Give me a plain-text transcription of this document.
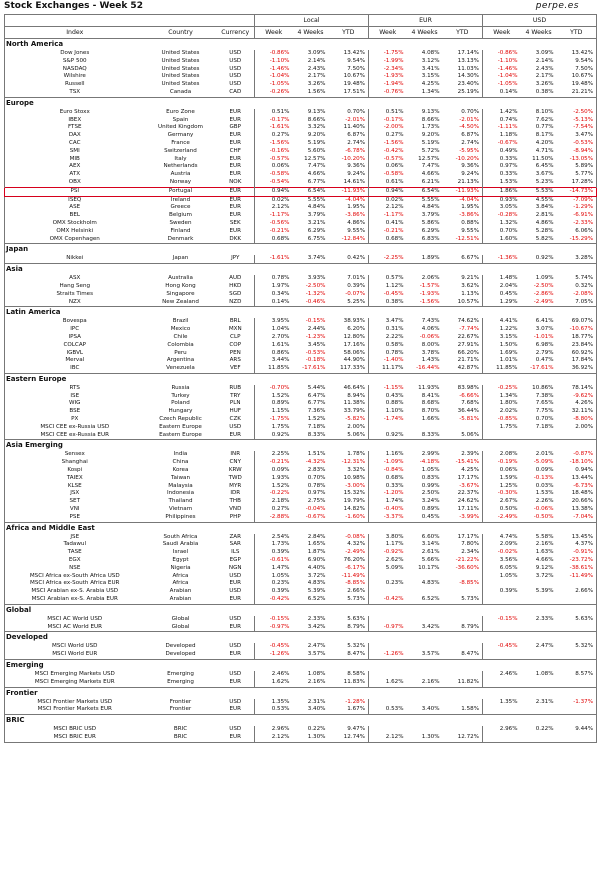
Stock Exchanges - Week 52	perpe.es
			Local			EUR			USD		
Index	Country	Currency	Week	4 Weeks	YTD	Week	4 Weeks	YTD	Week	4 Weeks	YTD
North America											
Dow Jones	United States	USD	-0.86%	3.09%	13.42%	-1.75%	4.08%	17.14%	-0.86%	3.09%	13.42%
S&P 500	United States	USD	-1.10%	2.14%	9.54%	-1.99%	3.12%	13.13%	-1.10%	2.14%	9.54%
NASDAQ	United States	USD	-1.46%	2.43%	7.50%	-2.34%	3.41%	11.03%	-1.46%	2.43%	7.50%
Wilshire	United States	USD	-1.04%	2.17%	10.67%	-1.93%	3.15%	14.30%	-1.04%	2.17%	10.67%
Russell	United States	USD	-1.05%	3.26%	19.48%	-1.94%	4.25%	23.40%	-1.05%	3.26%	19.48%
TSX	Canada	CAD	-0.26%	1.56%	17.51%	-0.76%	1.34%	25.19%	0.14%	0.38%	21.21%
Europe											
Euro Stoxx	Euro Zone	EUR	0.51%	9.13%	0.70%	0.51%	9.13%	0.70%	1.42%	8.10%	-2.50%
IBEX	Spain	EUR	-0.17%	8.66%	-2.01%	-0.17%	8.66%	-2.01%	0.74%	7.62%	-5.13%
FTSE	United Kingdom	GBP	-1.61%	3.32%	11.40%	-2.00%	1.73%	-4.50%	-1.11%	0.77%	-7.54%
DAX	Germany	EUR	0.27%	9.20%	6.87%	0.27%	9.20%	6.87%	1.18%	8.17%	3.47%
CAC	France	EUR	-1.56%	5.19%	2.74%	-1.56%	5.19%	2.74%	-0.67%	4.20%	-0.53%
SMI	Switzerland	CHF	-0.16%	5.60%	-6.78%	-0.42%	5.72%	-5.95%	0.49%	4.71%	-8.94%
MIB	Italy	EUR	-0.57%	12.57%	-10.20%	-0.57%	12.57%	-10.20%	0.33%	11.50%	-13.05%
AEX	Netherlands	EUR	0.06%	7.47%	9.36%	0.06%	7.47%	9.36%	0.97%	6.45%	5.89%
ATX	Austria	EUR	-0.58%	4.66%	9.24%	-0.58%	4.66%	9.24%	0.33%	3.67%	5.77%
OBX	Norway	NOK	-0.54%	6.77%	14.61%	0.61%	6.21%	21.13%	1.53%	5.23%	17.28%
PSI	Portugal	EUR	0.94%	6.54%	-11.93%	0.94%	6.54%	-11.93%	1.86%	5.53%	-14.73%
ISEQ	Ireland	EUR	0.02%	5.55%	-4.04%	0.02%	5.55%	-4.04%	0.93%	4.55%	-7.09%
ASE	Greece	EUR	2.12%	4.84%	1.95%	2.12%	4.84%	1.95%	3.05%	3.84%	-1.29%
BEL	Belgium	EUR	-1.17%	3.79%	-3.86%	-1.17%	3.79%	-3.86%	-0.28%	2.81%	-6.91%
OMX Stockholm	Sweden	SEK	-0.56%	3.21%	4.86%	0.41%	5.86%	0.88%	1.32%	4.86%	-2.33%
OMX Helsinki	Finland	EUR	-0.21%	6.29%	9.55%	-0.21%	6.29%	9.55%	0.70%	5.28%	6.06%
OMX Copenhagen	Denmark	DKK	0.68%	6.75%	-12.84%	0.68%	6.83%	-12.51%	1.60%	5.82%	-15.29%
Japan											
Nikkei	Japan	JPY	-1.61%	3.74%	0.42%	-2.25%	1.89%	6.67%	-1.36%	0.92%	3.28%
Asia											
ASX	Australia	AUD	0.78%	3.93%	7.01%	0.57%	2.06%	9.21%	1.48%	1.09%	5.74%
Hang Seng	Hong Kong	HKD	1.97%	-2.50%	0.39%	1.12%	-1.57%	3.62%	2.04%	-2.50%	0.32%
Straits Times	Singapore	SGD	0.34%	-1.32%	-0.07%	-0.45%	-1.93%	1.13%	0.45%	-2.86%	-2.08%
NZX	New Zealand	NZD	0.14%	-0.46%	5.25%	0.38%	-1.56%	10.57%	1.29%	-2.49%	7.05%
Latin America											
Bovespa	Brazil	BRL	3.95%	-0.15%	38.93%	3.47%	7.43%	74.62%	4.41%	6.41%	69.07%
IPC	Mexico	MXN	1.04%	2.44%	6.20%	0.31%	4.06%	-7.74%	1.22%	3.07%	-10.67%
IPSA	Chile	CLP	2.70%	-1.23%	12.80%	2.22%	-0.06%	22.67%	3.15%	-1.01%	18.77%
COLCAP	Colombia	COP	1.61%	3.45%	17.16%	0.58%	8.00%	27.91%	1.50%	6.98%	23.84%
IGBVL	Peru	PEN	0.86%	-0.53%	58.06%	0.78%	3.78%	66.20%	1.69%	2.79%	60.92%
Merval	Argentina	ARS	3.44%	-0.18%	44.90%	-1.40%	1.43%	21.71%	1.01%	0.47%	17.84%
IBC	Venezuela	VEF	11.85%	-17.61%	117.33%	11.17%	-16.44%	42.87%	11.85%	-17.61%	36.92%
Eastern Europe											
RTS	Russia	RUB	-0.70%	5.44%	46.64%	-1.15%	11.93%	83.98%	-0.25%	10.86%	78.14%
ISE	Turkey	TRY	1.52%	6.47%	8.94%	0.43%	8.41%	-6.66%	1.34%	7.38%	-9.62%
WIG	Poland	PLN	0.89%	6.77%	11.38%	0.88%	8.68%	7.68%	1.80%	7.65%	4.26%
BSE	Hungary	HUF	1.15%	7.36%	33.79%	1.10%	8.70%	36.44%	2.02%	7.75%	32.11%
PX	Czech Republic	CZK	-1.75%	1.52%	-5.82%	-1.74%	1.66%	-5.81%	-0.85%	0.70%	-8.80%
MSCI CEE ex-Russia USD	Eastern Europe	USD	1.75%	7.18%	2.00%				1.75%	7.18%	2.00%
MSCI CEE ex-Russia EUR	Eastern Europe	EUR	0.92%	8.33%	5.06%	0.92%	8.33%	5.06%			
Asia Emerging											
Sensex	India	INR	2.25%	1.51%	1.78%	1.16%	2.99%	2.39%	2.08%	2.01%	-0.87%
Shanghai	China	CNY	-0.21%	-4.32%	-12.31%	-1.09%	-4.18%	-15.41%	-0.19%	-5.09%	-18.10%
Kospi	Korea	KRW	0.09%	2.83%	3.32%	-0.84%	1.05%	4.25%	0.06%	0.09%	0.94%
TAIEX	Taiwan	TWD	1.93%	0.70%	10.98%	0.68%	0.83%	17.17%	1.59%	-0.13%	13.44%
KLSE	Malaysia	MYR	1.52%	0.78%	-3.00%	0.33%	0.99%	-3.67%	1.25%	0.03%	-6.73%
JSX	Indonesia	IDR	-0.22%	0.97%	15.32%	-1.20%	2.50%	22.37%	-0.30%	1.53%	18.48%
SET	Thailand	THB	2.18%	2.75%	19.79%	1.74%	3.24%	24.62%	2.67%	2.26%	20.66%
VNI	Vietnam	VND	0.27%	-0.04%	14.82%	-0.40%	0.89%	17.11%	0.50%	-0.06%	13.38%
PSE	Philippines	PHP	-2.88%	-0.67%	-1.60%	-3.37%	0.45%	-3.99%	-2.49%	-0.50%	-7.04%
Africa and Middle East											
JSE	South Africa	ZAR	2.54%	2.84%	-0.08%	3.80%	6.60%	17.17%	4.74%	5.58%	13.45%
Tadawul	Saudi Arabia	SAR	1.73%	1.65%	4.32%	1.17%	3.14%	7.80%	2.09%	2.16%	4.37%
TASE	Israel	ILS	0.39%	1.87%	-2.49%	-0.92%	2.61%	2.34%	-0.02%	1.63%	-0.91%
EGX	Egypt	EGP	-0.61%	6.90%	76.20%	2.62%	5.66%	-21.22%	3.56%	4.66%	-23.72%
NSE	Nigeria	NGN	1.47%	4.40%	-6.17%	5.09%	10.17%	-36.60%	6.05%	9.12%	-38.61%
MSCI Africa ex-South Africa USD	Africa	USD	1.05%	3.72%	-11.49%				1.05%	3.72%	-11.49%
MSCI Africa ex-South Africa EUR	Africa	EUR	0.23%	4.83%	-8.85%	0.23%	4.83%	-8.85%			
MSCI Arabian ex-S. Arabia USD	Arabian	USD	0.39%	5.39%	2.66%				0.39%	5.39%	2.66%
MSCI Arabian ex-S. Arabia EUR	Arabian	EUR	-0.42%	6.52%	5.73%	-0.42%	6.52%	5.73%			
Global											
MSCI AC World USD	Global	USD	-0.15%	2.33%	5.63%				-0.15%	2.33%	5.63%
MSCI AC World EUR	Global	EUR	-0.97%	3.42%	8.79%	-0.97%	3.42%	8.79%			
Developed											
MSCI World USD	Developed	USD	-0.45%	2.47%	5.32%				-0.45%	2.47%	5.32%
MSCI World EUR	Developed	EUR	-1.26%	3.57%	8.47%	-1.26%	3.57%	8.47%			
Emerging											
MSCI Emerging Markets USD	Emerging	USD	2.46%	1.08%	8.58%				2.46%	1.08%	8.57%
MSCI Emerging Markets EUR	Emerging	EUR	1.62%	2.16%	11.83%	1.62%	2.16%	11.82%			
Frontier											
MSCI Frontier Markets USD	Frontier	USD	1.35%	2.31%	-1.28%				1.35%	2.31%	-1.37%
MSCI Frontier Markets EUR	Frontier	EUR	0.53%	3.40%	1.67%	0.53%	3.40%	1.58%			
BRIC											
MSCI BRIC USD	BRIC	USD	2.96%	0.22%	9.47%				2.96%	0.22%	9.44%
MSCI BRIC EUR	BRIC	EUR	2.12%	1.30%	12.74%	2.12%	1.30%	12.72%			
